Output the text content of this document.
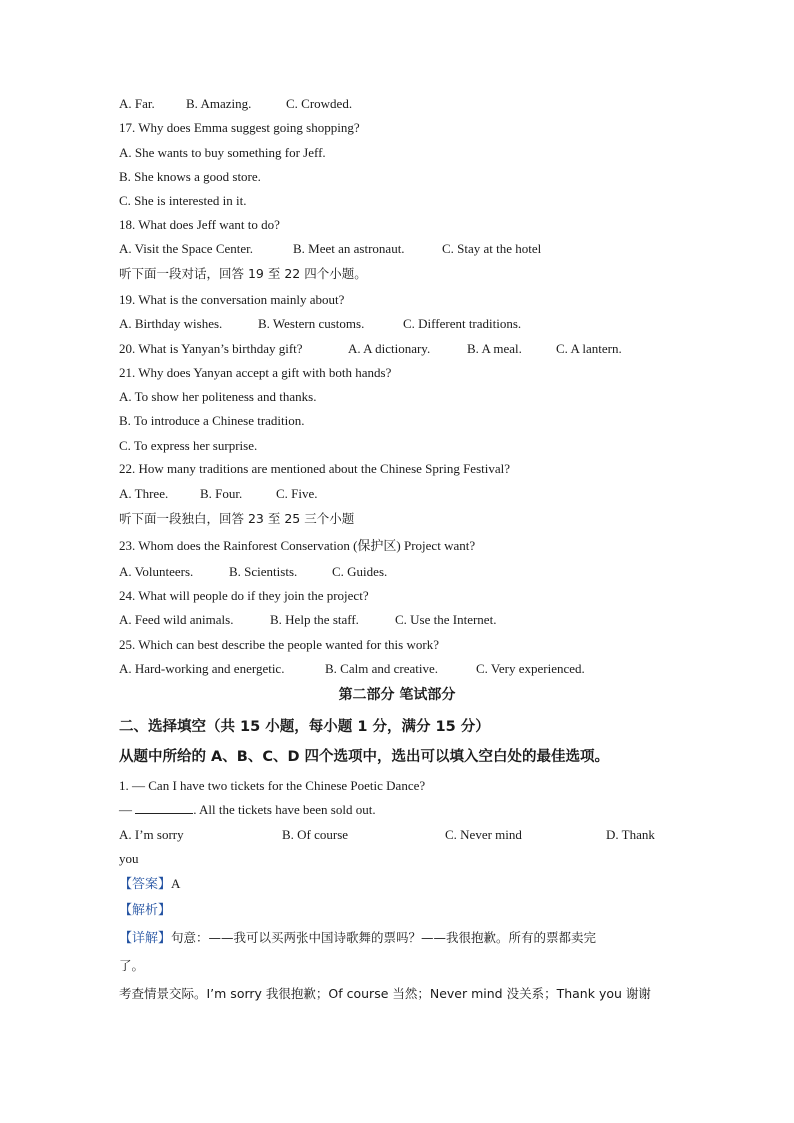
A. Far. B. Amazing.	C. Crowded.
17. Why does Emma suggest going shopping?
A. She wants to buy something for Jeff.
B. She knows a good store.
C. She is interested in it.
18. What does Jeff want to do?
A. Visit the Space Center.	B. Meet an astronaut.	C. Stay at the hotel
听下面一段对话，回答 19 至 22 四个小题。
19. What is the conversation mainly about?
A. Birthday wishes.	B. Western customs.	C. Different traditions.
20. What is Yanyan’s birthday gift?	A. A dictionary.	B. A meal.	C. A lantern.
21. Why does Yanyan accept a gift with both hands?
A. To show her politeness and thanks.
B. To introduce a Chinese tradition.
C. To express her surprise.
22. How many traditions are mentioned about the Chinese Spring Festival?
A. Three. B. Four.	C. Five.
听下面一段独白，回答 23 至 25 三个小题
23. Whom does the Rainforest Conservation (保护区) Project want?
A. Volunteers.	B. Scientists.	C. Guides.
24. What will people do if they join the project?
A. Feed wild animals.	B. Help the staff.	C. Use the Internet.
25. Which can best describe the people wanted for this work?
A. Hard-working and energetic.	B. Calm and creative.	C. Very experienced.
第二部分 笔试部分
二、选择填空（共 15 小题，每小题 1 分，满分 15 分）
从题中所给的 A、B、C、D 四个选项中，选出可以填入空白处的最佳选项。
1. — Can I have two tickets for the Chinese Poetic Dance?
—	. All the tickets have been sold out.
A. I’m sorry	B. Of course	C. Never mind	D. Thank
you
【答案】A
【解析】
【详解】句意：——我可以买两张中国诗歌舞的票吗？——我很抱歉。所有的票都卖完
了。
考查情景交际。I’m sorry 我很抱歉；Of course 当然；Never mind 没关系；Thank you 谢谢
